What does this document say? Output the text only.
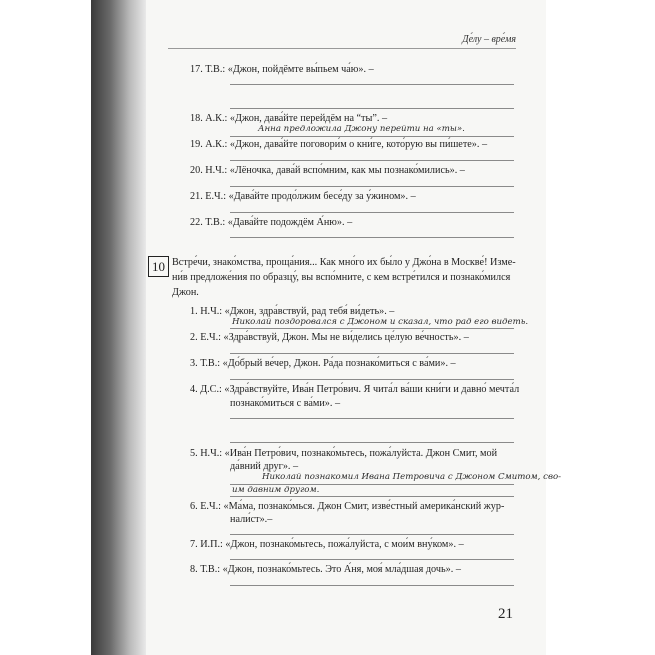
Де́лу – вре́мя
17. Т.В.: «Джон, пойдёмте вы́пьем ча́ю». –
18. А.К.: «Джон, дава́йте перейдём на “ты”. –
Анна предложила Джону перейти на «ты».
19. А.К.: «Джон, дава́йте поговори́м о кни́ге, кото́рую вы пи́шете». –
20. Н.Ч.: «Лёночка, дава́й вспо́мним, как мы познако́мились». –
21. Е.Ч.: «Дава́йте продо́лжим бесе́ду за у́жином». –
22. Т.В.: «Дава́йте подождём А́ню». –
10 Встре́чи, знако́мства, проща́ния... Как мно́го их бы́ло у Джо́на в Москве́! Изме-
ни́в предложе́ния по образцу́, вы вспо́мните, с кем встре́тился и познако́мился
Джон.
1. Н.Ч.: «Джон, здра́вствуй, рад тебя́ ви́деть». –
Николай поздоровался с Джоном и сказал, что рад его видеть.
2. Е.Ч.: «Здра́вствуй, Джон. Мы не ви́делись це́лую ве́чность». –
3. Т.В.: «До́брый ве́чер, Джон. Ра́да познако́миться с ва́ми». –
4. Д.С.: «Здра́вствуйте, Ива́н Петро́вич. Я чита́л ва́ши кни́ги и давно́ мечта́л
познако́миться с ва́ми». –
5. Н.Ч.: «Ива́н Петро́вич, познако́мьтесь, пожа́луйста. Джон Смит, мой
да́вний друг». –
Николай познакомил Ивана Петровича с Джоном Смитом, сво-
им давним другом.
6. Е.Ч.: «Ма́ма, познако́мься. Джон Смит, изве́стный америка́нский жур-
нали́ст».–
7. И.П.: «Джон, познако́мьтесь, пожа́луйста, с мои́м вну́ком». –
8. Т.В.: «Джон, познако́мьтесь. Это А́ня, моя́ мла́дшая дочь». –
21
